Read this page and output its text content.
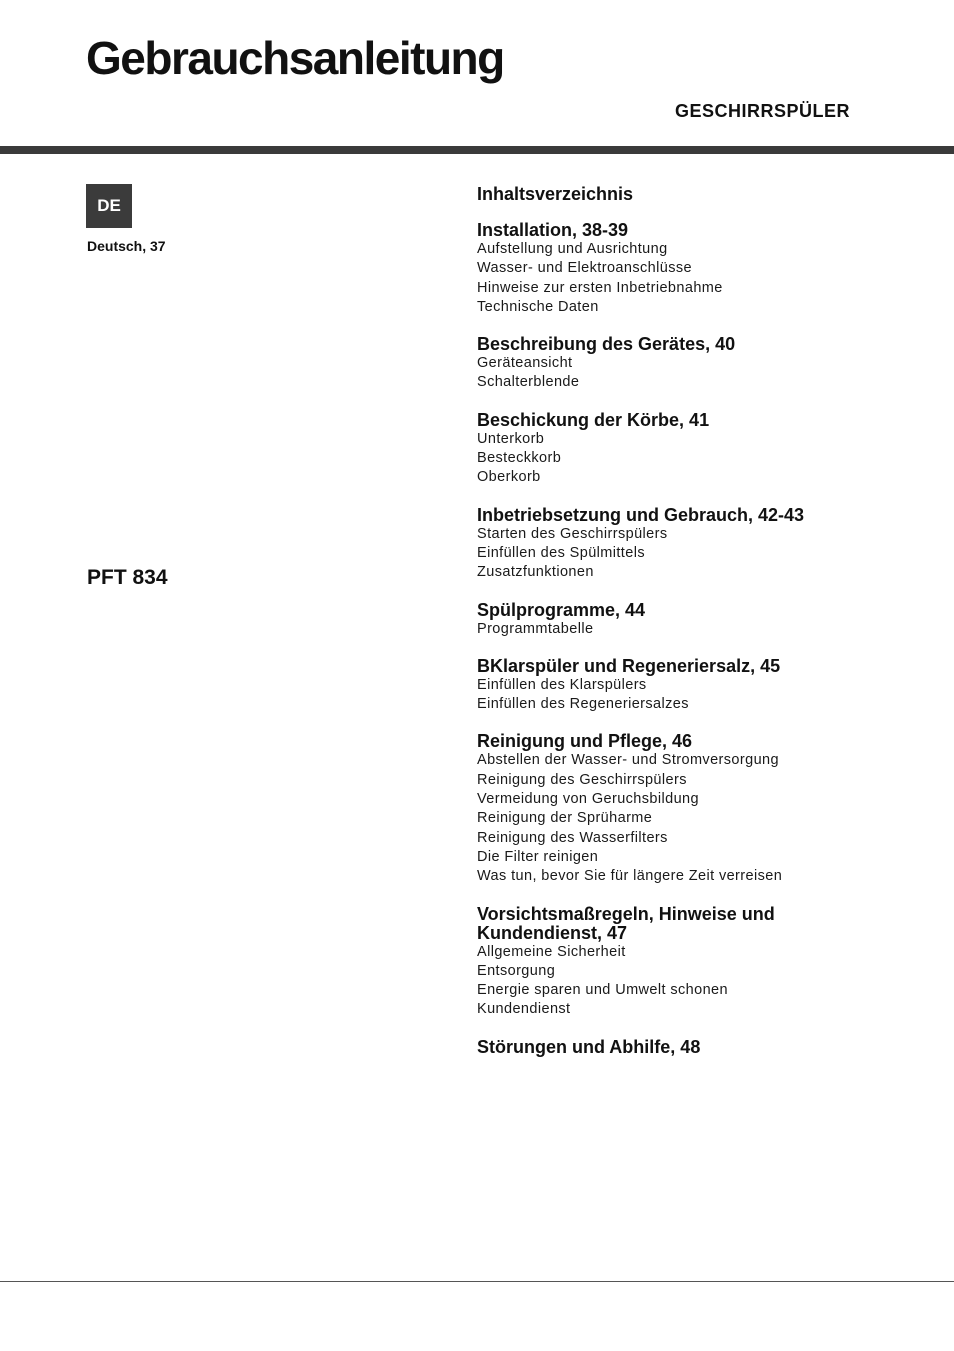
Gebrauchsanleitung
GESCHIRRSPÜLER
DE
Deutsch, 37
PFT 834
Inhaltsverzeichnis
Installation, 38-39
Aufstellung und Ausrichtung
Wasser- und Elektroanschlüsse
Hinweise zur ersten Inbetriebnahme
Technische Daten
Beschreibung des Gerätes, 40
Geräteansicht
Schalterblende
Beschickung der Körbe, 41
Unterkorb
Besteckkorb
Oberkorb
Inbetriebsetzung und Gebrauch, 42-43
Starten des Geschirrspülers
Einfüllen des Spülmittels
Zusatzfunktionen
Spülprogramme, 44
Programmtabelle
BKlarspüler und Regeneriersalz, 45
Einfüllen des Klarspülers
Einfüllen des Regeneriersalzes
Reinigung und Pflege, 46
Abstellen der Wasser- und Stromversorgung
Reinigung des Geschirrspülers
Vermeidung von Geruchsbildung
Reinigung der Sprüharme
Reinigung des Wasserfilters
Die Filter reinigen
Was tun, bevor Sie für längere Zeit verreisen
Vorsichtsmaßregeln, Hinweise und Kundendienst, 47
Allgemeine Sicherheit
Entsorgung
Energie sparen und Umwelt schonen
Kundendienst
Störungen und Abhilfe, 48
